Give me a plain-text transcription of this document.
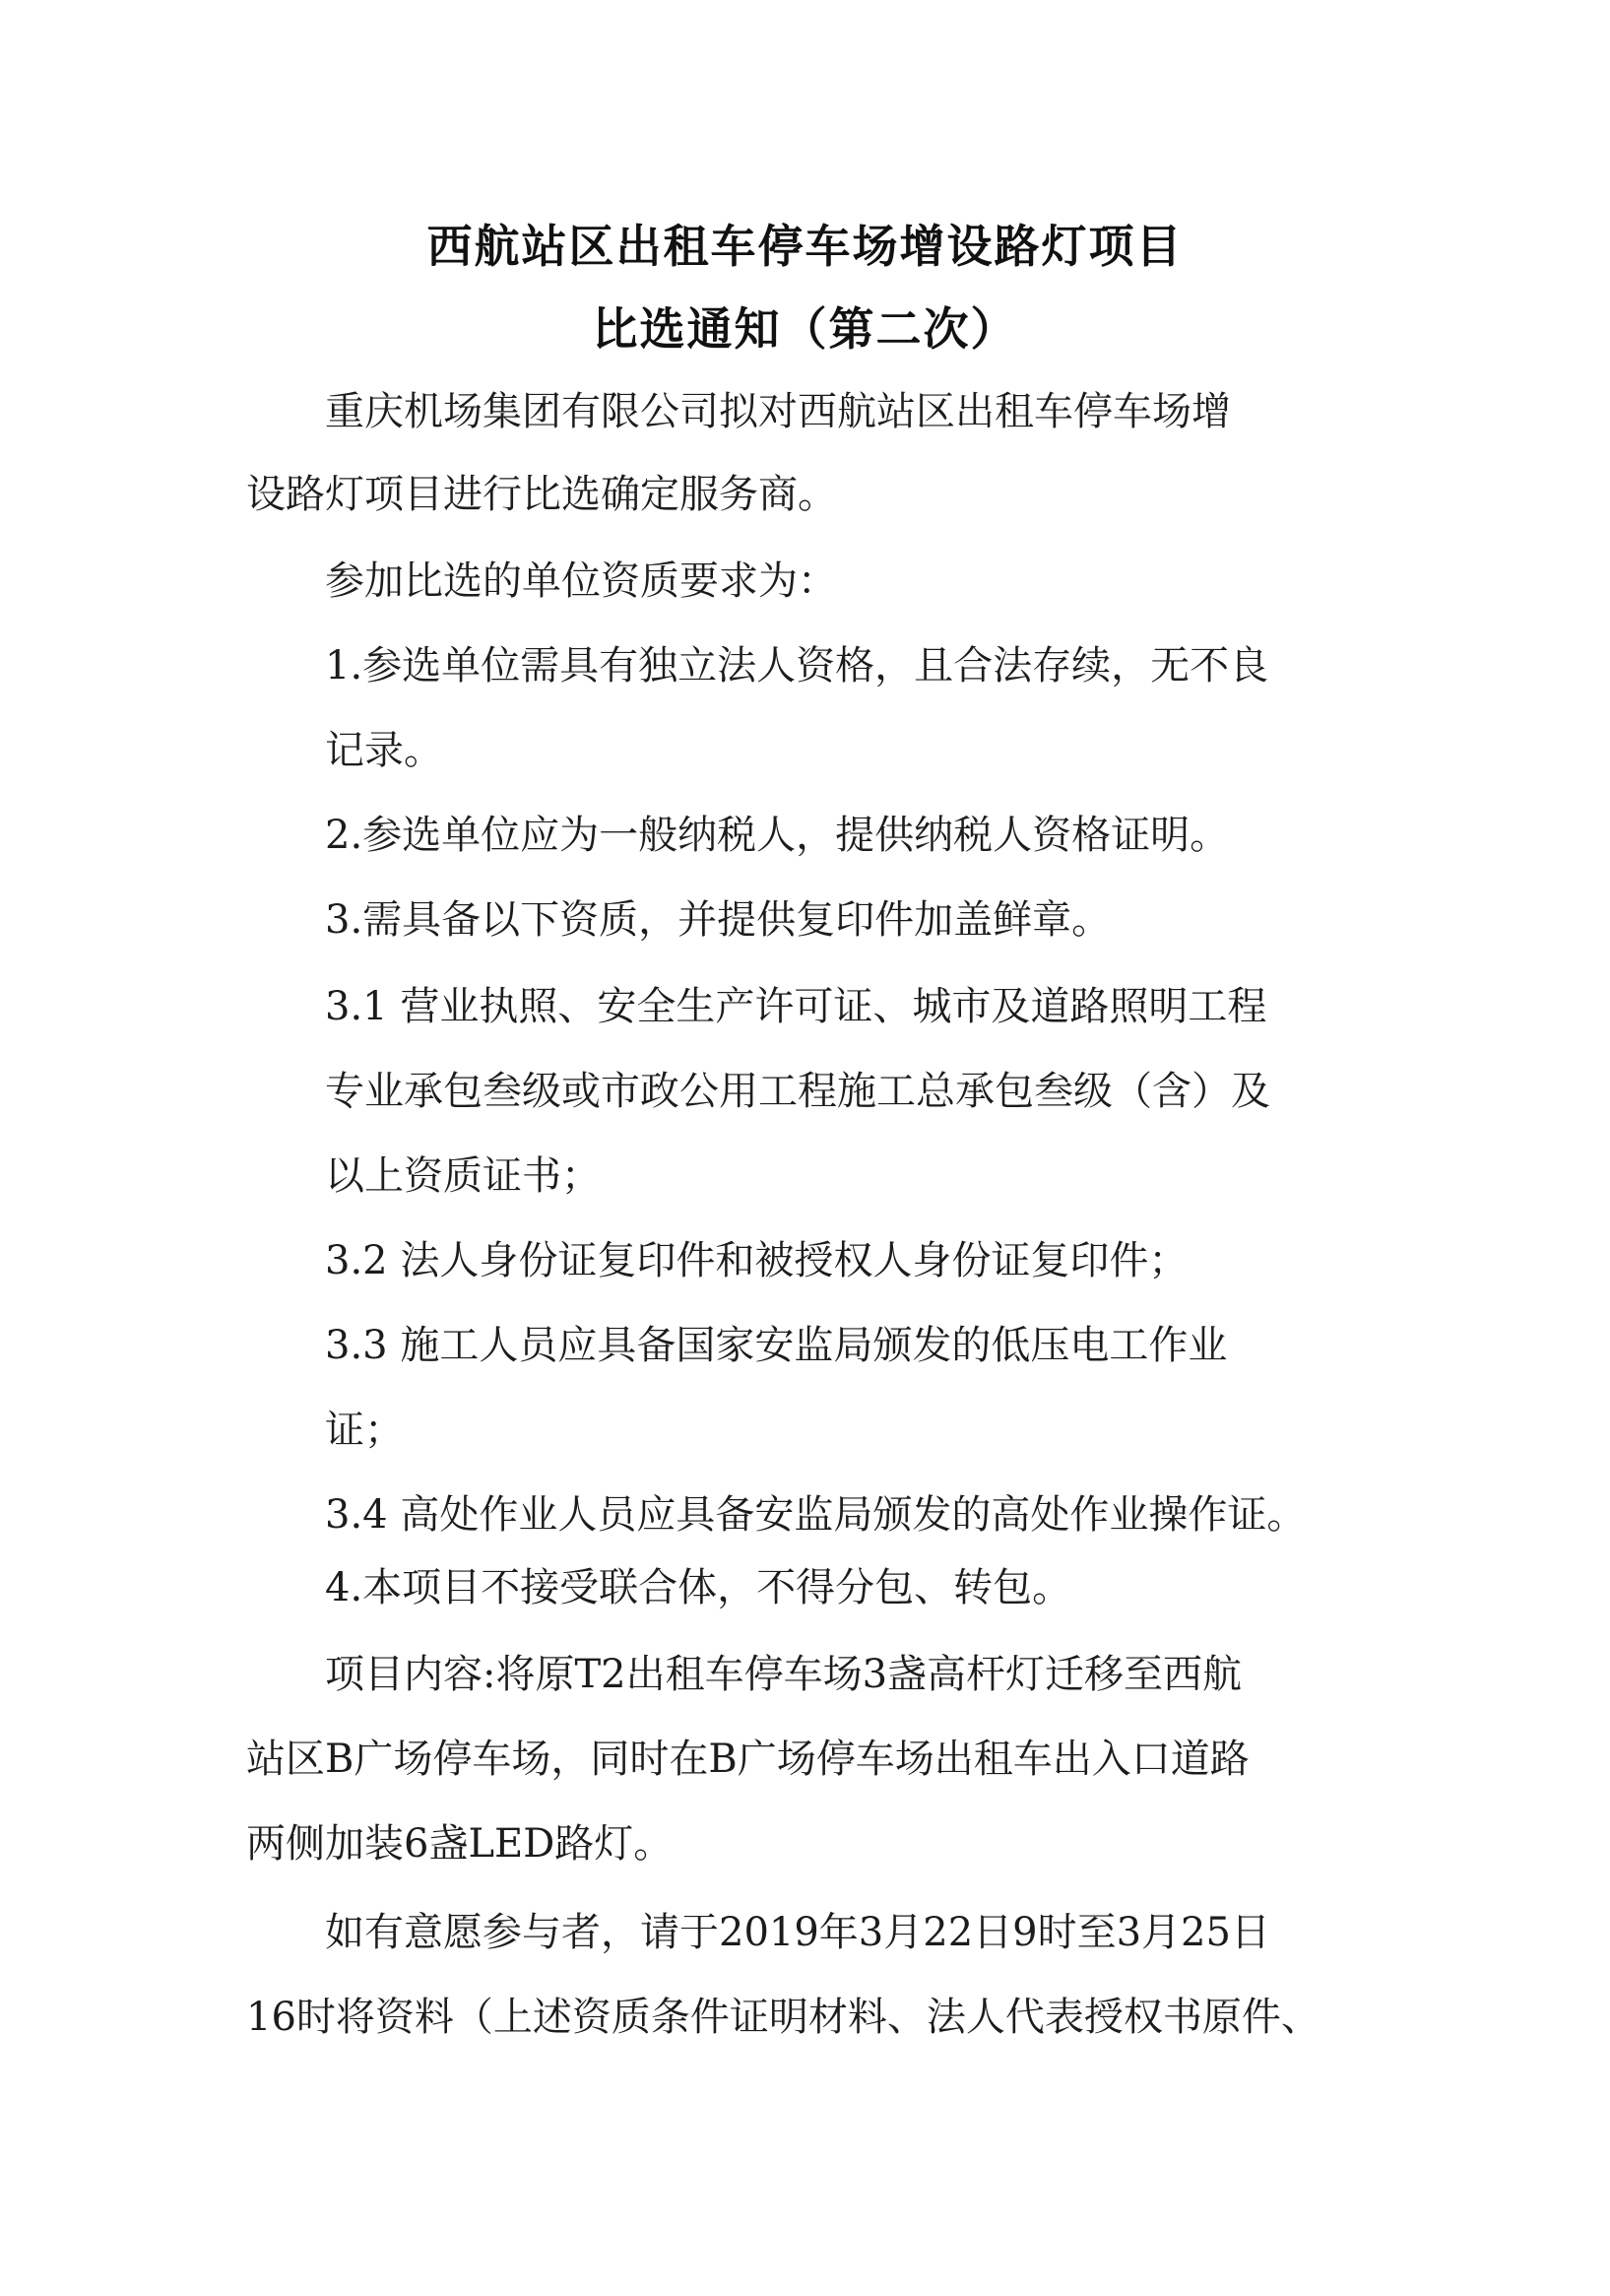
西航站区出租车停车场增设路灯项目
比选通知（第二次）
重庆机场集团有限公司拟对西航站区出租车停车场增
设路灯项目进行比选确定服务商。
参加比选的单位资质要求为：
1.参选单位需具有独立法人资格，且合法存续，无不良
记录。
2.参选单位应为一般纳税人，提供纳税人资格证明。
3.需具备以下资质，并提供复印件加盖鲜章。
3.1 营业执照、安全生产许可证、城市及道路照明工程
专业承包叁级或市政公用工程施工总承包叁级（含）及
以上资质证书；
3.2 法人身份证复印件和被授权人身份证复印件；
3.3 施工人员应具备国家安监局颁发的低压电工作业
证；
3.4 高处作业人员应具备安监局颁发的高处作业操作证。
4.本项目不接受联合体，不得分包、转包。
项目内容:将原T2出租车停车场3盏高杆灯迁移至西航
站区B广场停车场，同时在B广场停车场出租车出入口道路
两侧加装6盏LED路灯。
如有意愿参与者，请于2019年3月22日9时至3月25日
16时将资料（上述资质条件证明材料、法人代表授权书原件、
